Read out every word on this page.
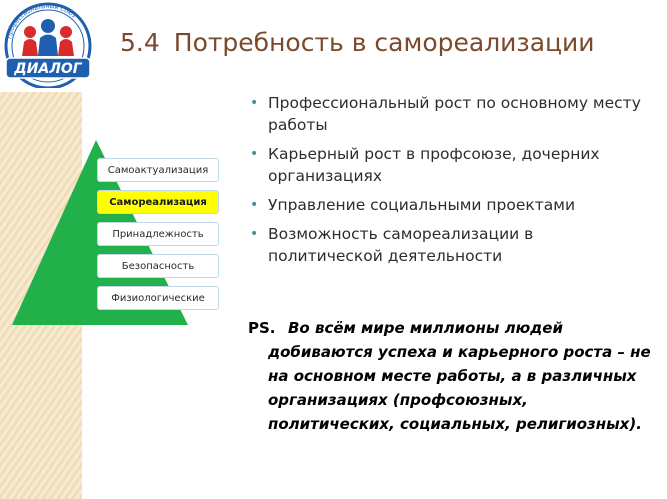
Профессиональный Союз
ДИАЛОГ
5.4 Потребность в самореализации
Самоактуализация
Самореализация
Принадлежность
Безопасность
Физиологические
• Профессиональный рост по основному месту работы
• Карьерный рост в профсоюзе, дочерних организациях
• Управление социальными проектами
• Возможность самореализации в политической деятельности
PS. Во всём мире миллионы людей добиваются успеха и карьерного роста – не на основном месте работы, а в различных организациях (профсоюзных, политических, социальных, религиозных).
